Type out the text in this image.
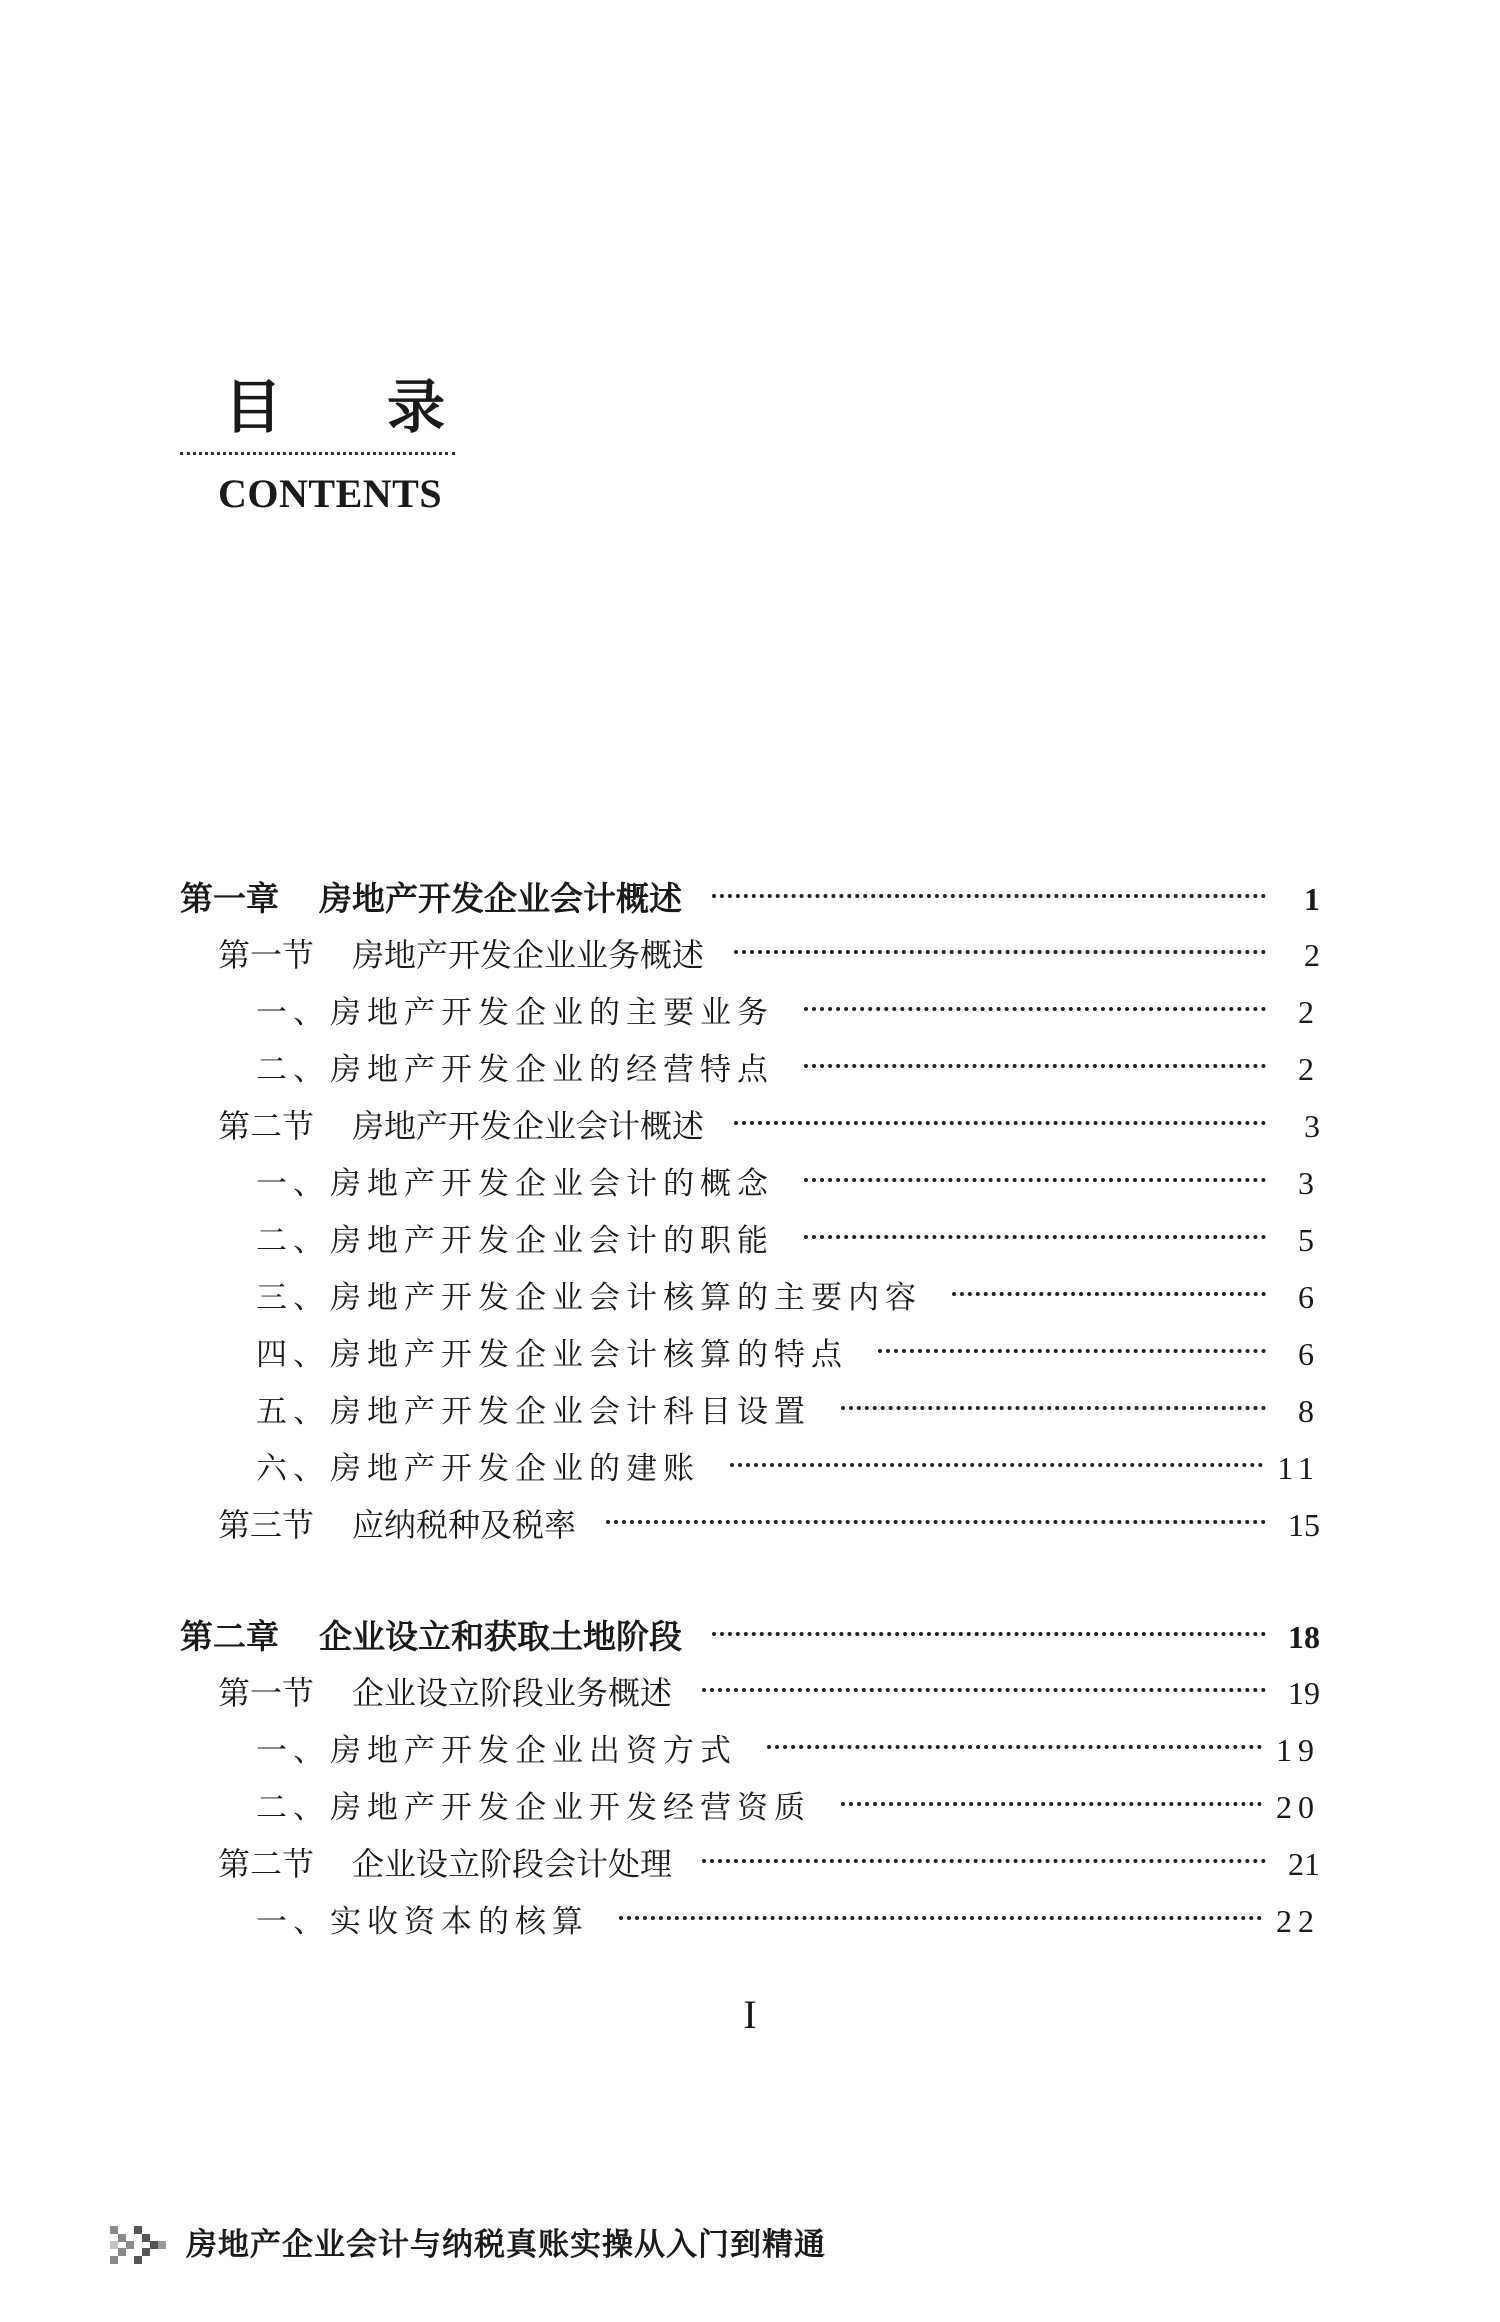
目 录
CONTENTS
第一章 房地产开发企业会计概述	1
第一节 房地产开发企业业务概述	2
一、房地产开发企业的主要业务	2
二、房地产开发企业的经营特点	2
第二节 房地产开发企业会计概述	3
一、房地产开发企业会计的概念	3
二、房地产开发企业会计的职能	5
三、房地产开发企业会计核算的主要内容	6
四、房地产开发企业会计核算的特点	6
五、房地产开发企业会计科目设置	8
六、房地产开发企业的建账	11
第三节 应纳税种及税率	15
第二章 企业设立和获取土地阶段	18
第一节 企业设立阶段业务概述	19
一、房地产开发企业出资方式	19
二、房地产开发企业开发经营资质	20
第二节 企业设立阶段会计处理	21
一、实收资本的核算	22
I
房地产企业会计与纳税真账实操从入门到精通
